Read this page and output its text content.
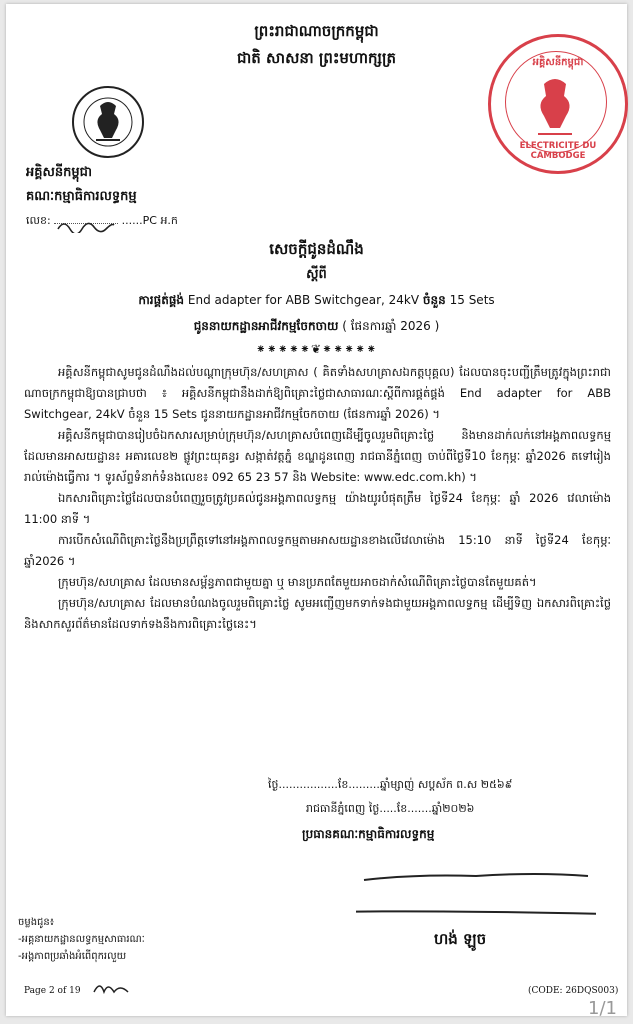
ព្រះរាជាណាចក្រកម្ពុជា
ជាតិ សាសនា ព្រះមហាក្សត្រ
អគ្គិសនីកម្ពុជា
គណៈកម្មាធិការលទ្ធកម្ម
លេខ:	......PC អ.ក
អគ្គិសនីកម្ពុជា
ELECTRICITE DU CAMBODGE
សេចក្តីជូនដំណឹង
ស្តីពី
ការផ្គត់ផ្គង់ End adapter for ABB Switchgear, 24kV ចំនួន 15 Sets
ជូននាយកដ្ឋានអាជីវកម្មចែកចាយ ( ផែនការឆ្នាំ 2026 )
⁕⁕⁕⁕⁕❦⁕⁕⁕⁕⁕

អគ្គិសនីកម្ពុជាសូមជូនដំណឹងដល់បណ្ដាក្រុមហ៊ុន/សហគ្រាស ( គិតទាំងសហគ្រាសឯកត្តបុគ្គល) ដែលបានចុះបញ្ជីត្រឹមត្រូវក្នុងព្រះរាជាណាចក្រកម្ពុជាឱ្យបានជ្រាបថា ៖ អគ្គិសនីកម្ពុជានឹងដាក់ឱ្យពិគ្រោះថ្លៃជាសាធារណៈស្តីពីការផ្គត់ផ្គង់ End adapter for ABB Switchgear, 24kV ចំនួន 15 Sets ជូននាយកដ្ឋានអាជីវកម្មចែកចាយ (ផែនការឆ្នាំ 2026) ។

អគ្គិសនីកម្ពុជាបានរៀបចំឯកសារសម្រាប់ក្រុមហ៊ុន/សហគ្រាសបំពេញដើម្បីចូលរួមពិគ្រោះថ្លៃ និងមានដាក់លក់នៅអង្គភាពលទ្ធកម្ម ដែលមានអាសយដ្ឋាន៖ អគារលេខ២ ផ្លូវព្រះយុគន្ធរ សង្កាត់វត្តភ្នំ ខណ្ឌដូនពេញ រាជធានីភ្នំពេញ ចាប់ពីថ្ងៃទី10 ខែកុម្ភៈ ឆ្នាំ2026 តទៅរៀងរាល់ម៉ោងធ្វើការ ។ ទូរស័ព្ទទំនាក់ទំនងលេខ៖ 092 65 23 57 និង Website: www.edc.com.kh) ។

ឯកសារពិគ្រោះថ្លៃដែលបានបំពេញរួចត្រូវប្រគល់ជូនអង្គភាពលទ្ធកម្ម យ៉ាងយូរបំផុតត្រឹម ថ្ងៃទី24 ខែកុម្ភៈ ឆ្នាំ 2026 វេលាម៉ោង 11:00 នាទី ។

ការបើកសំណើពិគ្រោះថ្លៃនឹងប្រព្រឹត្តទៅនៅអង្គភាពលទ្ធកម្មតាមអាសយដ្ឋានខាងលើវេលាម៉ោង 15:10 នាទី ថ្ងៃទី24 ខែកុម្ភៈ ឆ្នាំ2026 ។

ក្រុមហ៊ុន/សហគ្រាស ដែលមានសម្ព័ន្ធភាពជាមួយគ្នា ឬ មានប្រភពតែមួយអាចដាក់សំណើពិគ្រោះថ្លៃបានតែមួយគត់។

ក្រុមហ៊ុន/សហគ្រាស ដែលមានបំណងចូលរួមពិគ្រោះថ្លៃ សូមអញ្ជើញមកទាក់ទងជាមួយអង្គភាពលទ្ធកម្ម ដើម្បីទិញ ឯកសារពិគ្រោះថ្លៃ និងសាកសួរព័ត៌មានដែលទាក់ទងនឹងការពិគ្រោះថ្លៃនេះ។

ថ្ងៃ.................ខែ.........ឆ្នាំម្សាញ់ សប្តស័ក ព.ស ២៥៦៩
រាជធានីភ្នំពេញ ថ្ងៃ.....ខែ.......ឆ្នាំ២០២៦
ប្រធានគណៈកម្មាធិការលទ្ធកម្ម
ហង់ ឡូច
ចម្លងជូន៖
-អគ្គនាយកដ្ឋានលទ្ធកម្មសាធារណៈ
-អង្គភាពប្រឆាំងអំពើពុករលួយ
Page 2 of 19	(CODE: 26DQS003)
1/1
